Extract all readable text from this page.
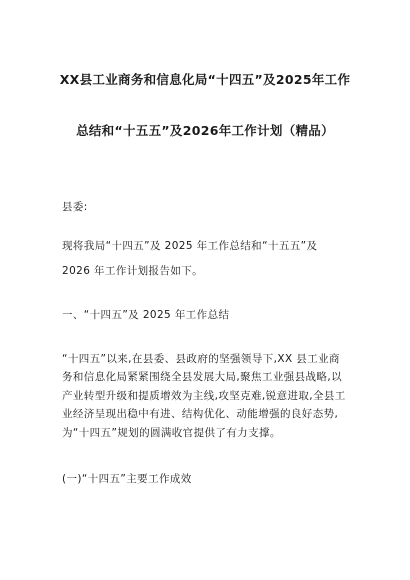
XX县工业商务和信息化局“十四五”及2025年工作
总结和“十五五”及2026年工作计划（精品）
县委:
现将我局“十四五”及 2025 年工作总结和“十五五”及
2026 年工作计划报告如下。
一、“十四五”及 2025 年工作总结
“十四五”以来,在县委、县政府的坚强领导下,XX 县工业商
务和信息化局紧紧围绕全县发展大局,聚焦工业强县战略,以
产业转型升级和提质增效为主线,攻坚克难,锐意进取,全县工
业经济呈现出稳中有进、结构优化、动能增强的良好态势,
为“十四五”规划的圆满收官提供了有力支撑。
(一)“十四五”主要工作成效
